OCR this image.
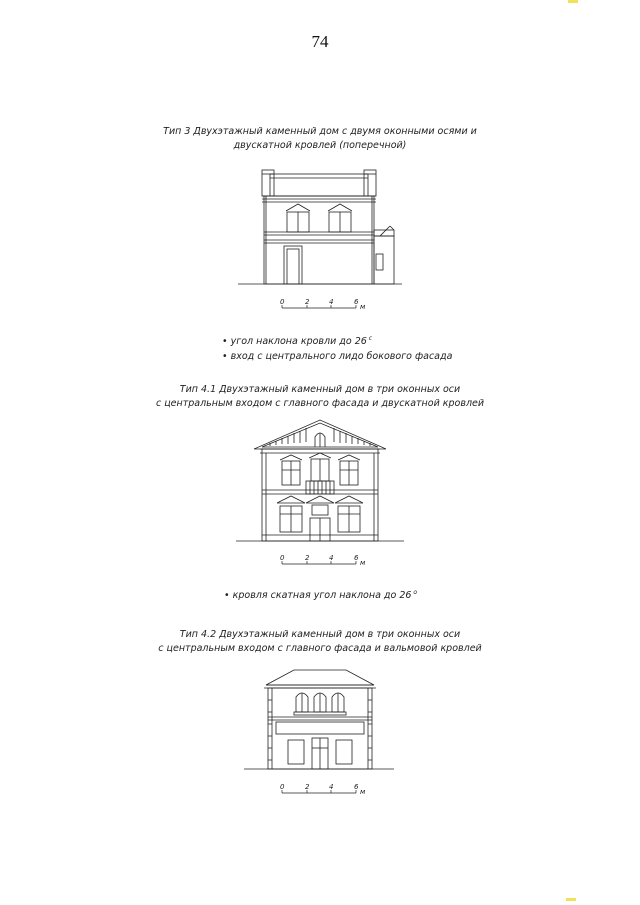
74
Тип 3 Двухэтажный каменный дом с двумя оконными осями и
двускатной кровлей (поперечной)
0	2	4	6
м
• угол наклона кровли до 26 $^с$
• вход с центрального лидо бокового фасада
Тип 4.1 Двухэтажный каменный дом в три оконных оси
с центральным входом с главного фасада и двускатной кровлей
0	2	4	6
м
• кровля скатная угол наклона до 26 $^о$
Тип 4.2 Двухэтажный каменный дом в три оконных оси
с центральным входом с главного фасада и вальмовой кровлей
0	2	4	6
м
